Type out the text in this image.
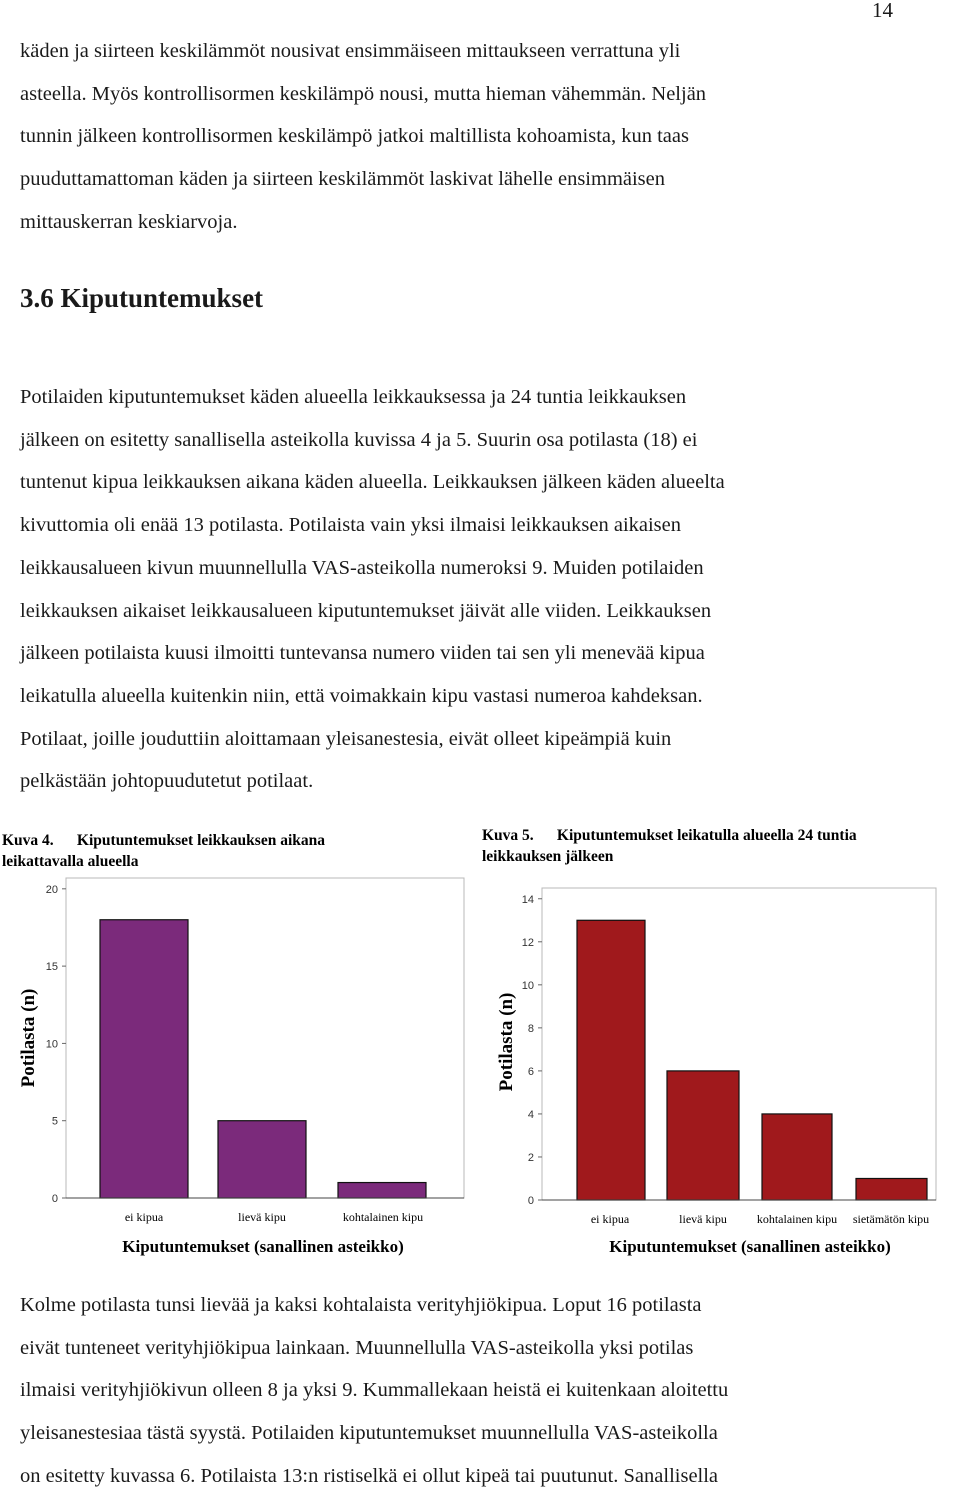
14
käden ja siirteen keskilämmöt nousivat ensimmäiseen mittaukseen verrattuna yli
asteella. Myös kontrollisormen keskilämpö nousi, mutta hieman vähemmän. Neljän
tunnin jälkeen kontrollisormen keskilämpö jatkoi maltillista kohoamista, kun taas
puuduttamattoman käden ja siirteen keskilämmöt laskivat lähelle ensimmäisen
mittauskerran keskiarvoja.
3.6 Kiputuntemukset
Potilaiden kiputuntemukset käden alueella leikkauksessa ja 24 tuntia leikkauksen
jälkeen on esitetty sanallisella asteikolla kuvissa 4 ja 5. Suurin osa potilasta (18) ei
tuntenut kipua leikkauksen aikana käden alueella. Leikkauksen jälkeen käden alueelta
kivuttomia oli enää 13 potilasta. Potilaista vain yksi ilmaisi leikkauksen aikaisen
leikkausalueen kivun muunnellulla VAS-asteikolla numeroksi 9. Muiden potilaiden
leikkauksen aikaiset leikkausalueen kiputuntemukset jäivät alle viiden. Leikkauksen
jälkeen potilaista kuusi ilmoitti tuntevansa numero viiden tai sen yli menevää kipua
leikatulla alueella kuitenkin niin, että voimakkain kipu vastasi numeroa kahdeksan.
Potilaat, joille jouduttiin aloittamaan yleisanestesia, eivät olleet kipeämpiä kuin
pelkästään johtopuudutetut potilaat.
Kuva 4.      Kiputuntemukset leikkauksen aikana
leikattavalla alueella
0
5
10
15
20
ei kipua	lievä kipu	kohtalainen kipu
Kiputuntemukset (sanallinen asteikko)
Potilasta (n)
Kuva 5.      Kiputuntemukset leikatulla alueella 24 tuntia
leikkauksen jälkeen
0
2
4
6
8
10
12
14
ei kipua	lievä kipu	kohtalainen kipu sietämätön kipu
Kiputuntemukset (sanallinen asteikko)
Potilasta (n)
Kolme potilasta tunsi lievää ja kaksi kohtalaista verityhjiökipua. Loput 16 potilasta
eivät tunteneet verityhjiökipua lainkaan. Muunnellulla VAS-asteikolla yksi potilas
ilmaisi verityhjiökivun olleen 8 ja yksi 9. Kummallekaan heistä ei kuitenkaan aloitettu
yleisanestesiaa tästä syystä. Potilaiden kiputuntemukset muunnellulla VAS-asteikolla
on esitetty kuvassa 6. Potilaista 13:n ristiselkä ei ollut kipeä tai puutunut. Sanallisella
